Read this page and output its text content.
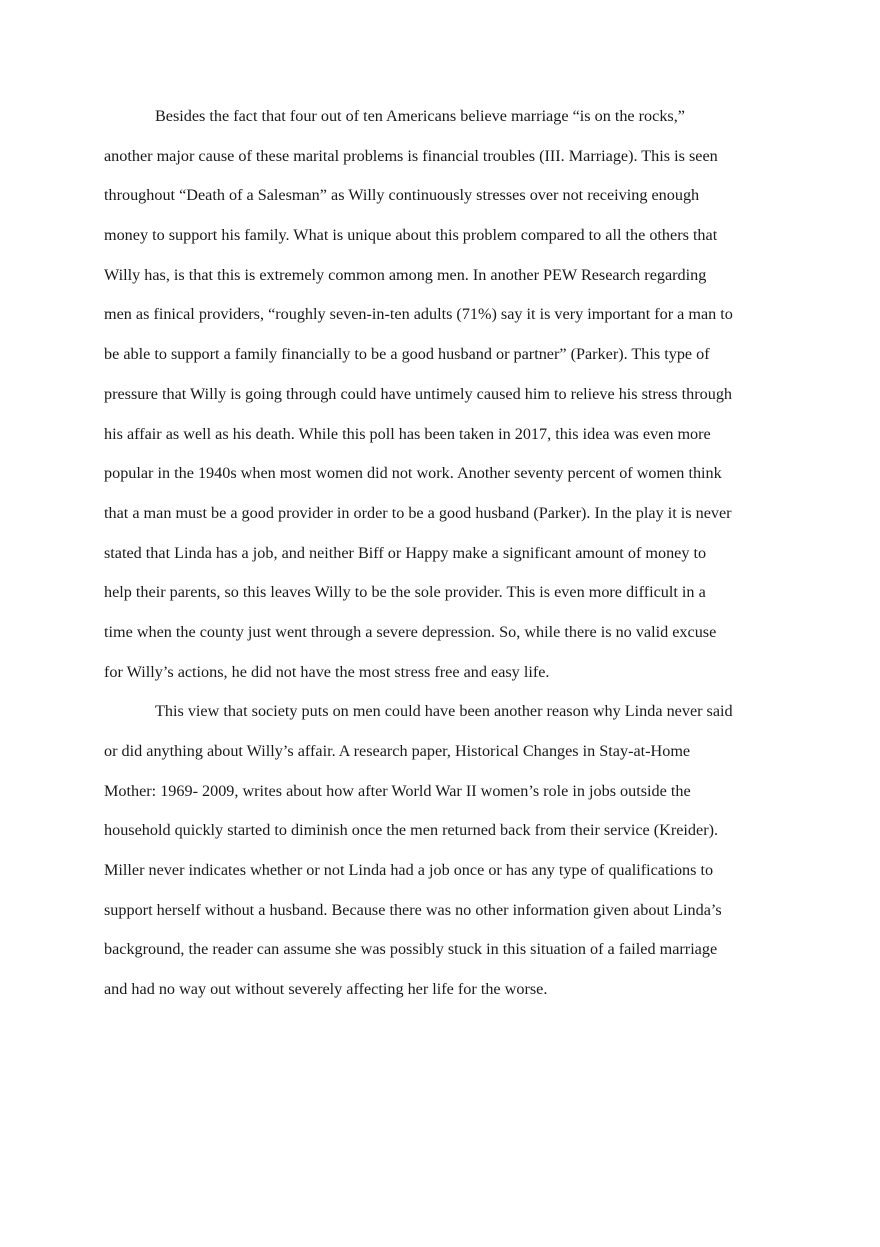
Besides the fact that four out of ten Americans believe marriage “is on the rocks,”
another major cause of these marital problems is financial troubles (III. Marriage). This is seen
throughout “Death of a Salesman” as Willy continuously stresses over not receiving enough
money to support his family. What is unique about this problem compared to all the others that
Willy has, is that this is extremely common among men. In another PEW Research regarding
men as finical providers, “roughly seven-in-ten adults (71%) say it is very important for a man to
be able to support a family financially to be a good husband or partner” (Parker). This type of
pressure that Willy is going through could have untimely caused him to relieve his stress through
his affair as well as his death. While this poll has been taken in 2017, this idea was even more
popular in the 1940s when most women did not work. Another seventy percent of women think
that a man must be a good provider in order to be a good husband (Parker). In the play it is never
stated that Linda has a job, and neither Biff or Happy make a significant amount of money to
help their parents, so this leaves Willy to be the sole provider. This is even more difficult in a
time when the county just went through a severe depression. So, while there is no valid excuse
for Willy’s actions, he did not have the most stress free and easy life.
This view that society puts on men could have been another reason why Linda never said
or did anything about Willy’s affair. A research paper, Historical Changes in Stay-at-Home
Mother: 1969- 2009, writes about how after World War II women’s role in jobs outside the
household quickly started to diminish once the men returned back from their service (Kreider).
Miller never indicates whether or not Linda had a job once or has any type of qualifications to
support herself without a husband. Because there was no other information given about Linda’s
background, the reader can assume she was possibly stuck in this situation of a failed marriage
and had no way out without severely affecting her life for the worse.
